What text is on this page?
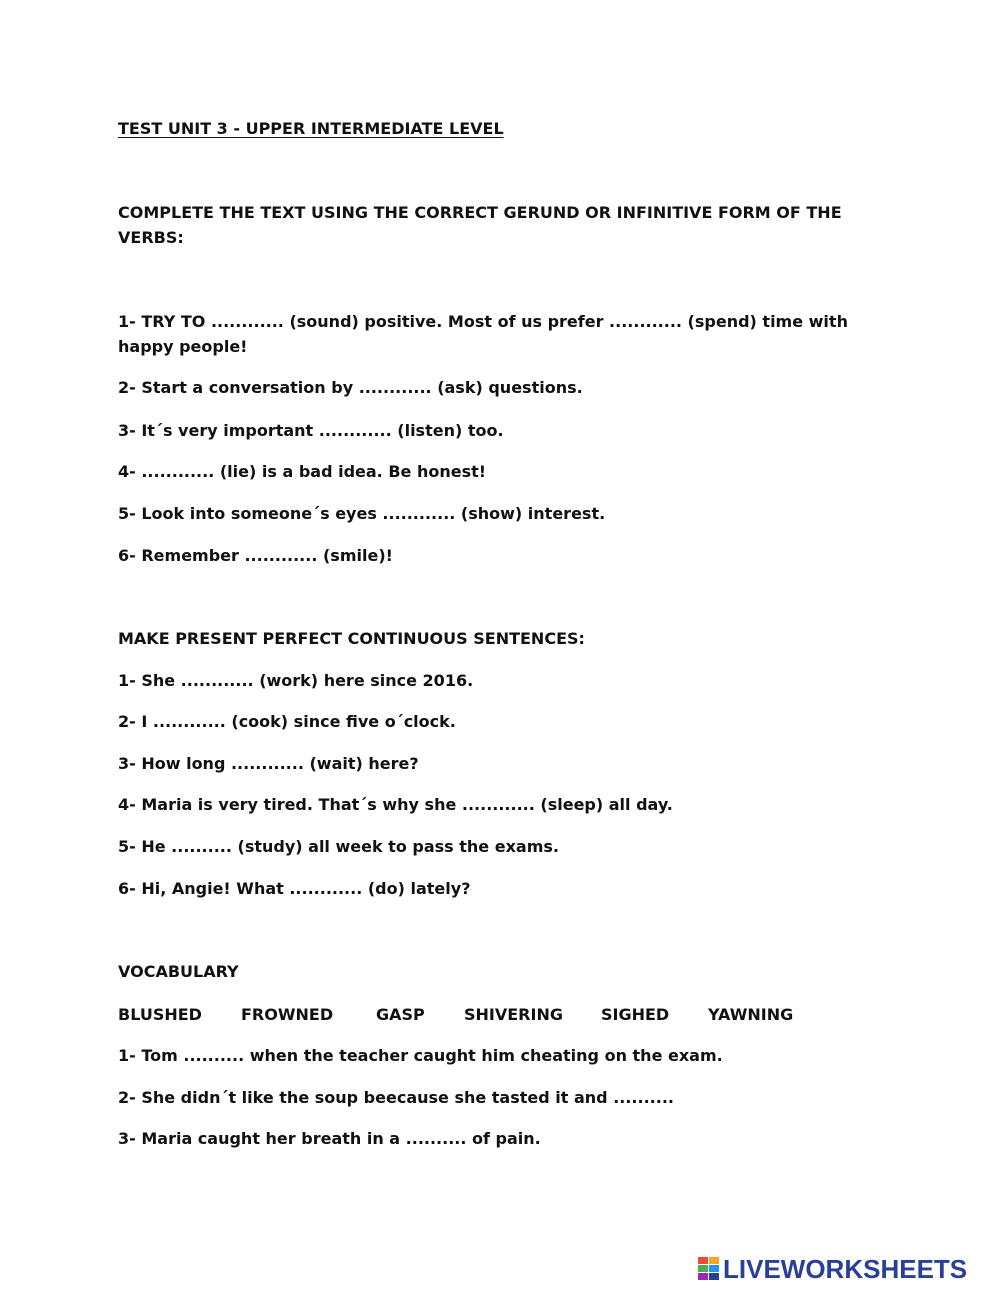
TEST UNIT 3 - UPPER INTERMEDIATE LEVEL

COMPLETE THE TEXT USING THE CORRECT GERUND OR INFINITIVE FORM OF THE VERBS:

1- TRY TO ............ (sound) positive. Most of us prefer ............ (spend) time with happy people!

2- Start a conversation by ............ (ask) questions.

3- It´s very important ............ (listen) too.

4- ............ (lie) is a bad idea. Be honest!

5- Look into someone´s eyes ............ (show) interest.

6- Remember ............ (smile)!

MAKE PRESENT PERFECT CONTINUOUS SENTENCES:

1- She ............ (work) here since 2016.

2- I ............ (cook) since five o´clock.

3- How long ............ (wait) here?

4- Maria is very tired. That´s why she ............ (sleep) all day.

5- He .......... (study) all week to pass the exams.

6- Hi, Angie! What ............ (do) lately?

VOCABULARY

BLUSHED FROWNED	GASP SHIVERING SIGHED YAWNING

1- Tom .......... when the teacher caught him cheating on the exam.

2- She didn´t like the soup beecause she tasted it and ..........

3- Maria caught her breath in a .......... of pain.

LIVEWORKSHEETS
